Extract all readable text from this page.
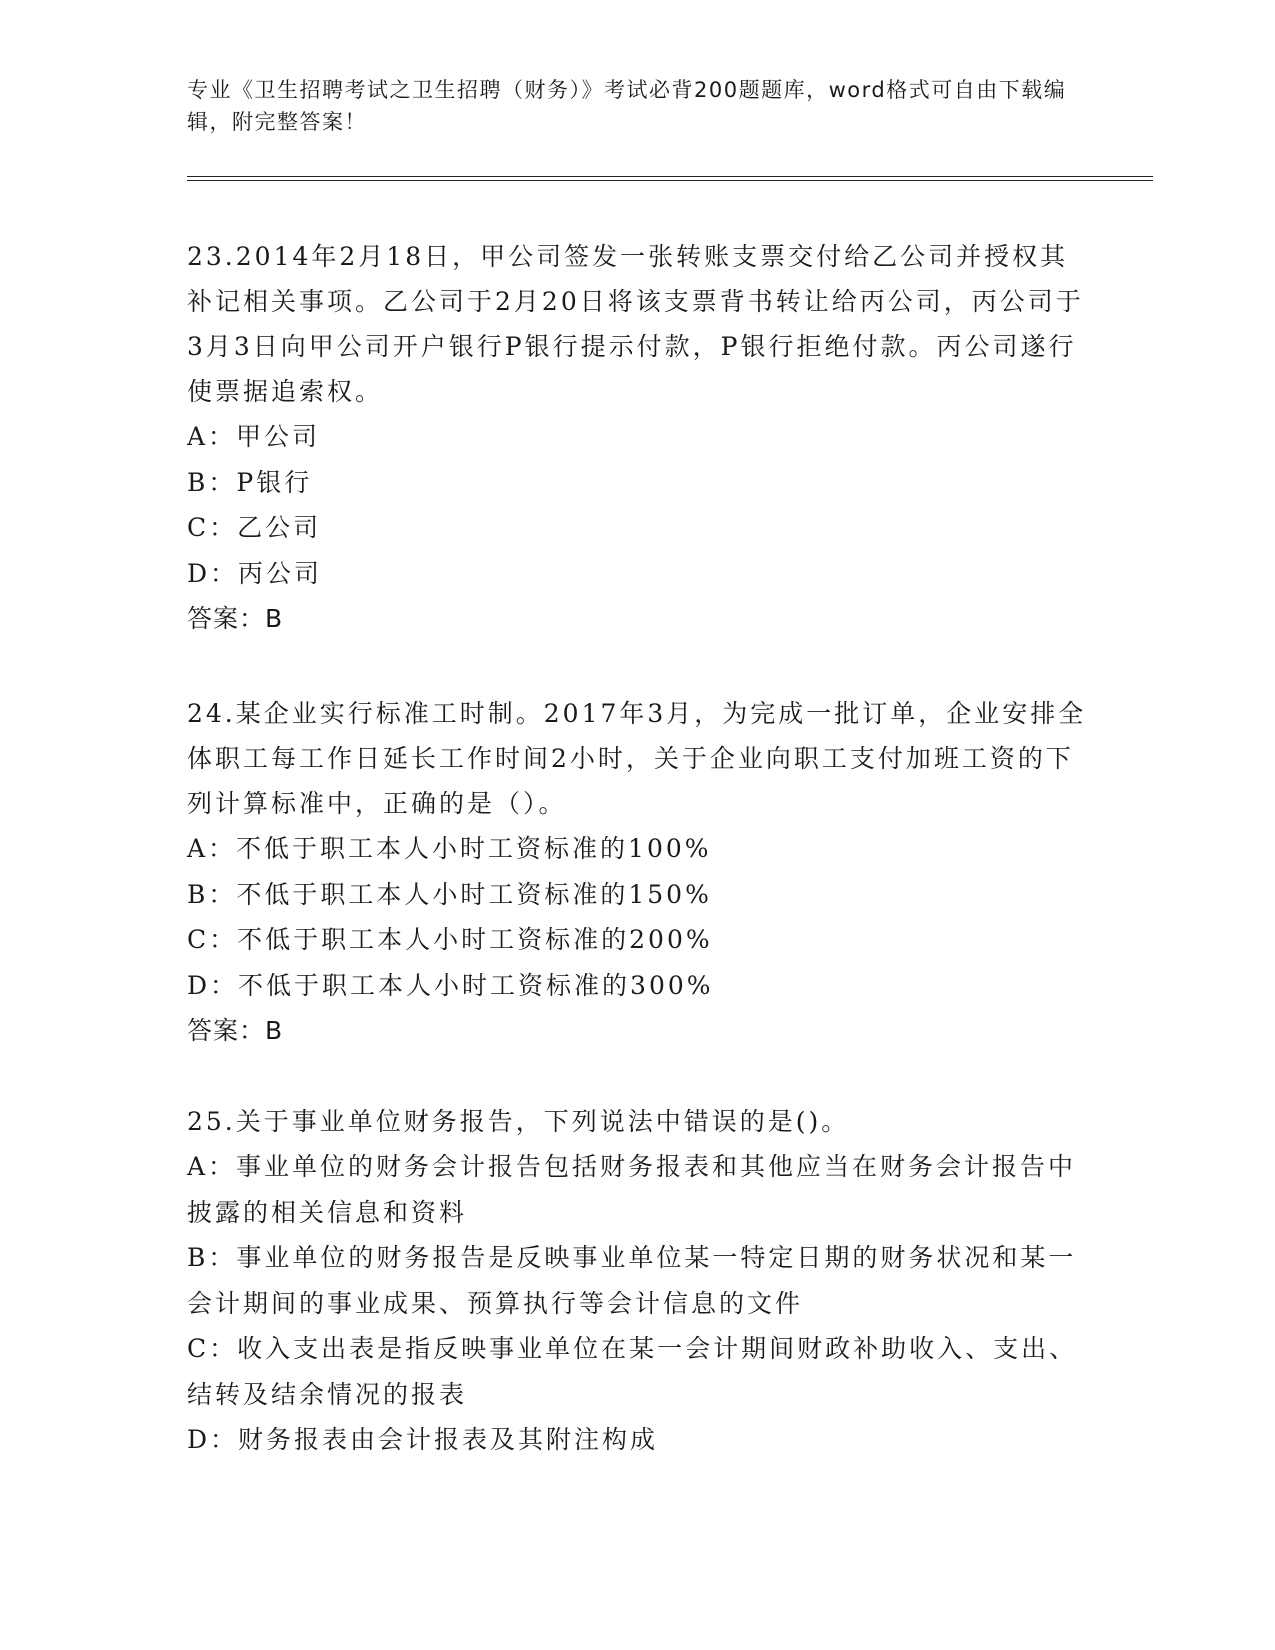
专业《卫生招聘考试之卫生招聘（财务）》考试必背200题题库，word格式可自由下载编辑，附完整答案！
23.2014年2月18日，甲公司签发一张转账支票交付给乙公司并授权其补记相关事项。乙公司于2月20日将该支票背书转让给丙公司，丙公司于3月3日向甲公司开户银行P银行提示付款，P银行拒绝付款。丙公司遂行使票据追索权。
A：甲公司
B：P银行
C：乙公司
D：丙公司
答案：B
24.某企业实行标准工时制。2017年3月，为完成一批订单，企业安排全体职工每工作日延长工作时间2小时，关于企业向职工支付加班工资的下列计算标准中，正确的是（）。
A：不低于职工本人小时工资标准的100%
B：不低于职工本人小时工资标准的150%
C：不低于职工本人小时工资标准的200%
D：不低于职工本人小时工资标准的300%
答案：B
25.关于事业单位财务报告，下列说法中错误的是()。
A：事业单位的财务会计报告包括财务报表和其他应当在财务会计报告中披露的相关信息和资料
B：事业单位的财务报告是反映事业单位某一特定日期的财务状况和某一会计期间的事业成果、预算执行等会计信息的文件
C：收入支出表是指反映事业单位在某一会计期间财政补助收入、支出、结转及结余情况的报表
D：财务报表由会计报表及其附注构成
